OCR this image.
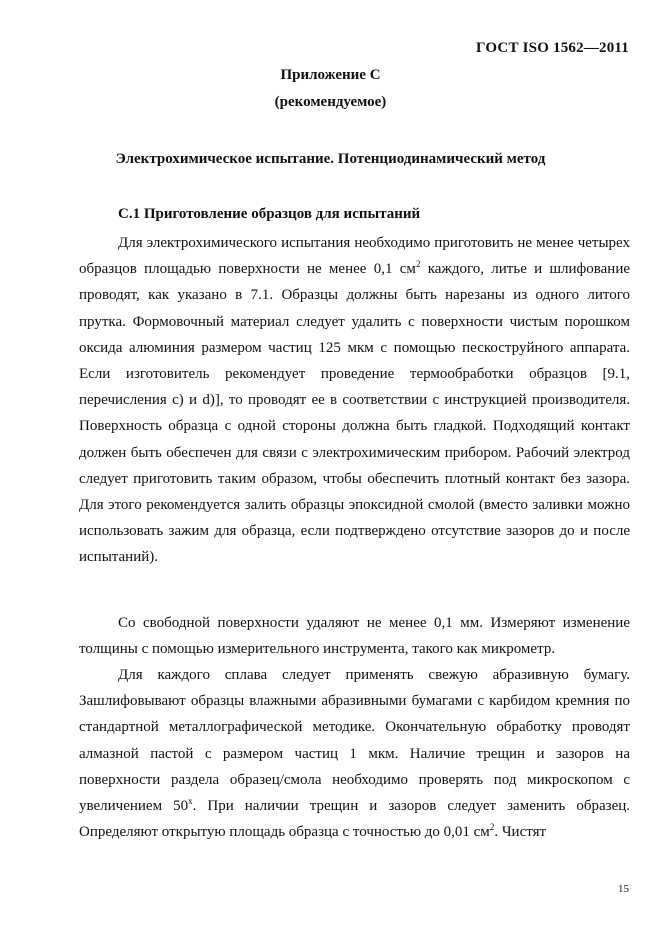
ГОСТ ISO 1562—2011
Приложение С
(рекомендуемое)
Электрохимическое испытание. Потенциодинамический метод
С.1 Приготовление образцов для испытаний

Для электрохимического испытания необходимо приготовить не менее четырех образцов площадью поверхности не менее 0,1 $см^2$ каждого, литье и шлифование проводят, как указано в 7.1. Образцы должны быть нарезаны из одного литого прутка. Формовочный материал следует удалить с поверхности чистым порошком оксида алюминия размером частиц 125 мкм с помощью пескоструйного аппарата. Если изготовитель рекомендует проведение термообработки образцов [9.1, перечисления с) и d)], то проводят ее в соответствии с инструкцией производителя. Поверхность образца с одной стороны должна быть гладкой. Подходящий контакт должен быть обеспечен для связи с электрохимическим прибором. Рабочий электрод следует приготовить таким образом, чтобы обеспечить плотный контакт без зазора. Для этого рекомендуется залить образцы эпоксидной смолой (вместо заливки можно использовать зажим для образца, если подтверждено отсутствие зазоров до и после испытаний).

Со свободной поверхности удаляют не менее 0,1 мм. Измеряют изменение толщины с помощью измерительного инструмента, такого как микрометр.

Для каждого сплава следует применять свежую абразивную бумагу. Зашлифовывают образцы влажными абразивными бумагами с карбидом кремния по стандартной металлографической методике. Окончательную обработку проводят алмазной пастой с размером частиц 1 мкм. Наличие трещин и зазоров на поверхности раздела образец/смола необходимо проверять под микроскопом с увеличением $50^х$. При наличии трещин и зазоров следует заменить образец. Определяют открытую площадь образца с точностью до 0,01 $см^2$. Чистят

15
